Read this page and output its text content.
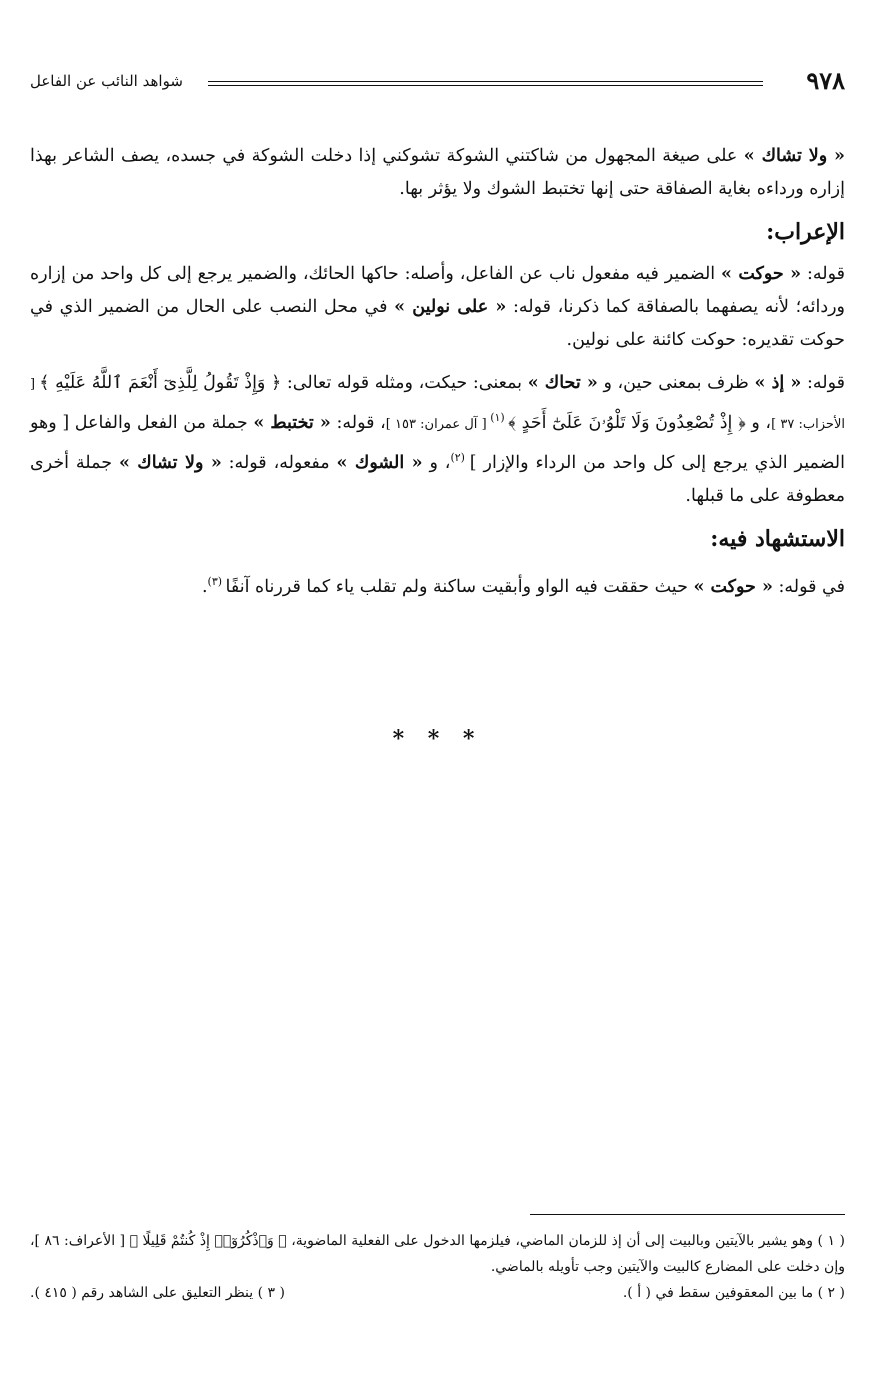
٩٧٨
شواهد النائب عن الفاعل

« ولا تشاك » على صيغة المجهول من شاكتني الشوكة تشوكني إذا دخلت الشوكة في جسده، يصف الشاعر بهذا إزاره ورداءه بغاية الصفاقة حتى إنها تختبط الشوك ولا يؤثر بها.

الإعراب:

قوله: « حوكت » الضمير فيه مفعول ناب عن الفاعل، وأصله: حاكها الحائك، والضمير يرجع إلى كل واحد من إزاره وردائه؛ لأنه يصفهما بالصفاقة كما ذكرنا، قوله: « على نولين » في محل النصب على الحال من الضمير الذي في حوكت تقديره: حوكت كائنة على نولين.

قوله: « إذ » ظرف بمعنى حين، و « تحاك » بمعنى: حيكت، ومثله قوله تعالى: ﴿ وَإِذْ تَقُولُ لِلَّذِىٓ أَنْعَمَ ٱللَّهُ عَلَيْهِ ﴾ [ الأحزاب: ٣٧ ]، و ﴿ إِذْ تُصْعِدُونَ وَلَا تَلْوُۥنَ عَلَىٰٓ أَحَدٍ ﴾ $^{(١)}$ [ آل عمران: ١٥٣ ]، قوله: « تختبط » جملة من الفعل والفاعل [ وهو الضمير الذي يرجع إلى كل واحد من الرداء والإزار ] $^{(٢)}$، و « الشوك » مفعوله، قوله: « ولا تشاك » جملة أخرى معطوفة على ما قبلها.

الاستشهاد فيه:

في قوله: « حوكت » حيث حققت فيه الواو وأبقيت ساكنة ولم تقلب ياء كما قررناه آنفًا $^{(٣)}$.

* * *

( ١ ) وهو يشير بالآيتين وبالبيت إلى أن إذ للزمان الماضي، فيلزمها الدخول على الفعلية الماضوية، ﴿ وَٱذْكُرُوٓا۟ إِذْ كُنتُمْ قَلِيلًا ﴾ [ الأعراف: ٨٦ ]، وإن دخلت على المضارع كالبيت والآيتين وجب تأويله بالماضي.

( ٢ ) ما بين المعقوفين سقط في ( أ ).
( ٣ ) ينظر التعليق على الشاهد رقم ( ٤١٥ ).
